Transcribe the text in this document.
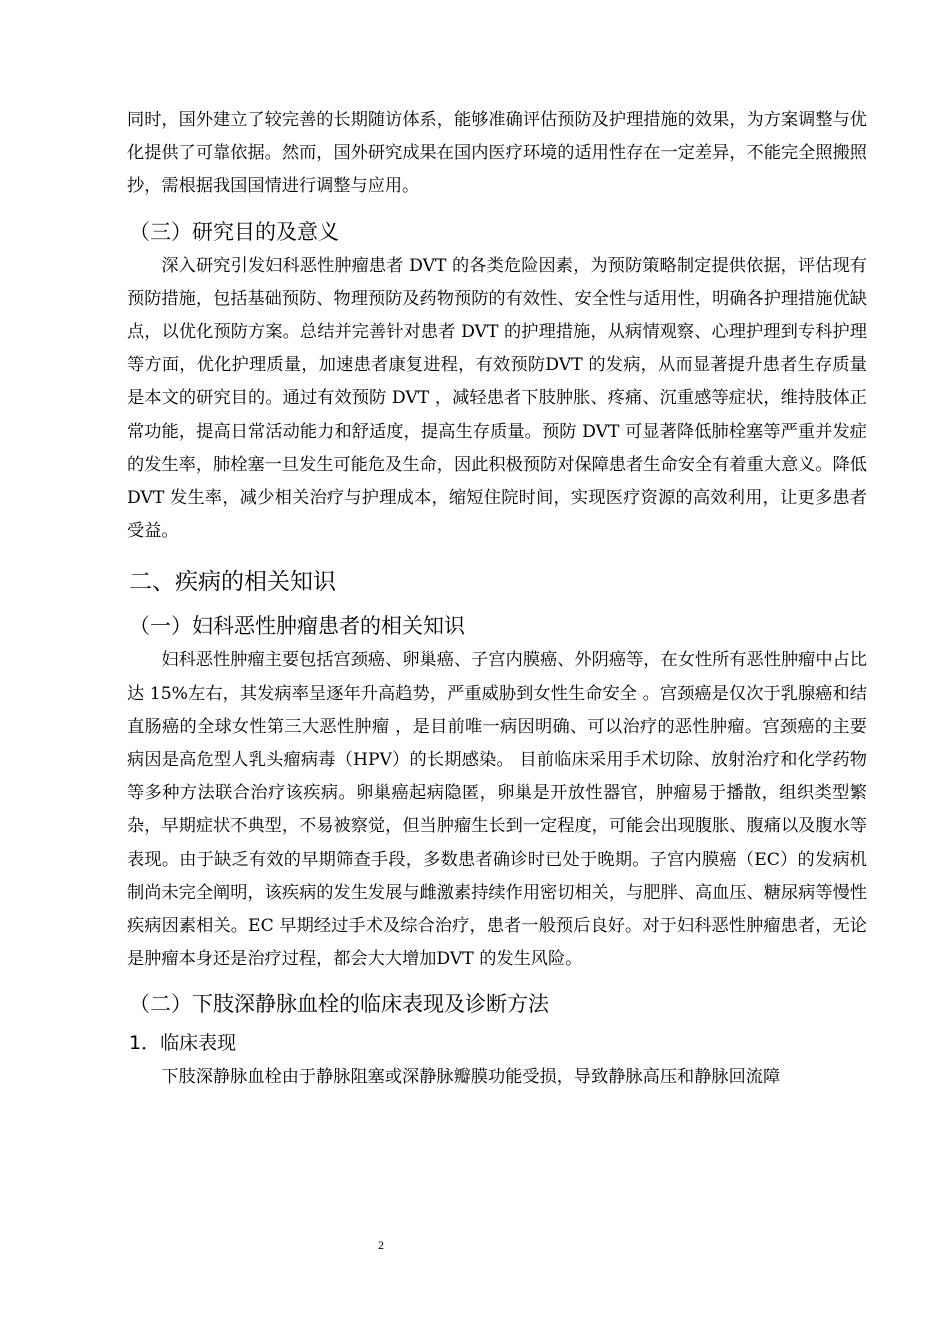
同时，国外建立了较完善的长期随访体系，能够准确评估预防及护理措施的效果，为方案调整与优化提供了可靠依据。然而，国外研究成果在国内医疗环境的适用性存在一定差异，不能完全照搬照抄，需根据我国国情进行调整与应用。

（三）研究目的及意义

深入研究引发妇科恶性肿瘤患者 DVT 的各类危险因素，为预防策略制定提供依据，评估现有预防措施，包括基础预防、物理预防及药物预防的有效性、安全性与适用性，明确各护理措施优缺点，以优化预防方案。总结并完善针对患者 DVT 的护理措施，从病情观察、心理护理到专科护理等方面，优化护理质量，加速患者康复进程，有效预防DVT 的发病，从而显著提升患者生存质量是本文的研究目的。通过有效预防 DVT ，减轻患者下肢肿胀、疼痛、沉重感等症状，维持肢体正常功能，提高日常活动能力和舒适度，提高生存质量。预防 DVT 可显著降低肺栓塞等严重并发症的发生率，肺栓塞一旦发生可能危及生命，因此积极预防对保障患者生命安全有着重大意义。降低 DVT 发生率，减少相关治疗与护理成本，缩短住院时间，实现医疗资源的高效利用，让更多患者受益。

二、疾病的相关知识
（一）妇科恶性肿瘤患者的相关知识

妇科恶性肿瘤主要包括宫颈癌、卵巢癌、子宫内膜癌、外阴癌等，在女性所有恶性肿瘤中占比达 15%左右，其发病率呈逐年升高趋势，严重威胁到女性生命安全 。宫颈癌是仅次于乳腺癌和结直肠癌的全球女性第三大恶性肿瘤 ，是目前唯一病因明确、可以治疗的恶性肿瘤。宫颈癌的主要病因是高危型人乳头瘤病毒（HPV）的长期感染。 目前临床采用手术切除、放射治疗和化学药物等多种方法联合治疗该疾病。卵巢癌起病隐匿，卵巢是开放性器官，肿瘤易于播散，组织类型繁杂，早期症状不典型，不易被察觉，但当肿瘤生长到一定程度，可能会出现腹胀、腹痛以及腹水等表现。由于缺乏有效的早期筛查手段，多数患者确诊时已处于晚期。子宫内膜癌（EC）的发病机制尚未完全阐明，该疾病的发生发展与雌激素持续作用密切相关，与肥胖、高血压、糖尿病等慢性疾病因素相关。EC 早期经过手术及综合治疗，患者一般预后良好。对于妇科恶性肿瘤患者，无论是肿瘤本身还是治疗过程，都会大大增加DVT 的发生风险。

（二）下肢深静脉血栓的临床表现及诊断方法
1．临床表现

下肢深静脉血栓由于静脉阻塞或深静脉瓣膜功能受损，导致静脉高压和静脉回流障

2
